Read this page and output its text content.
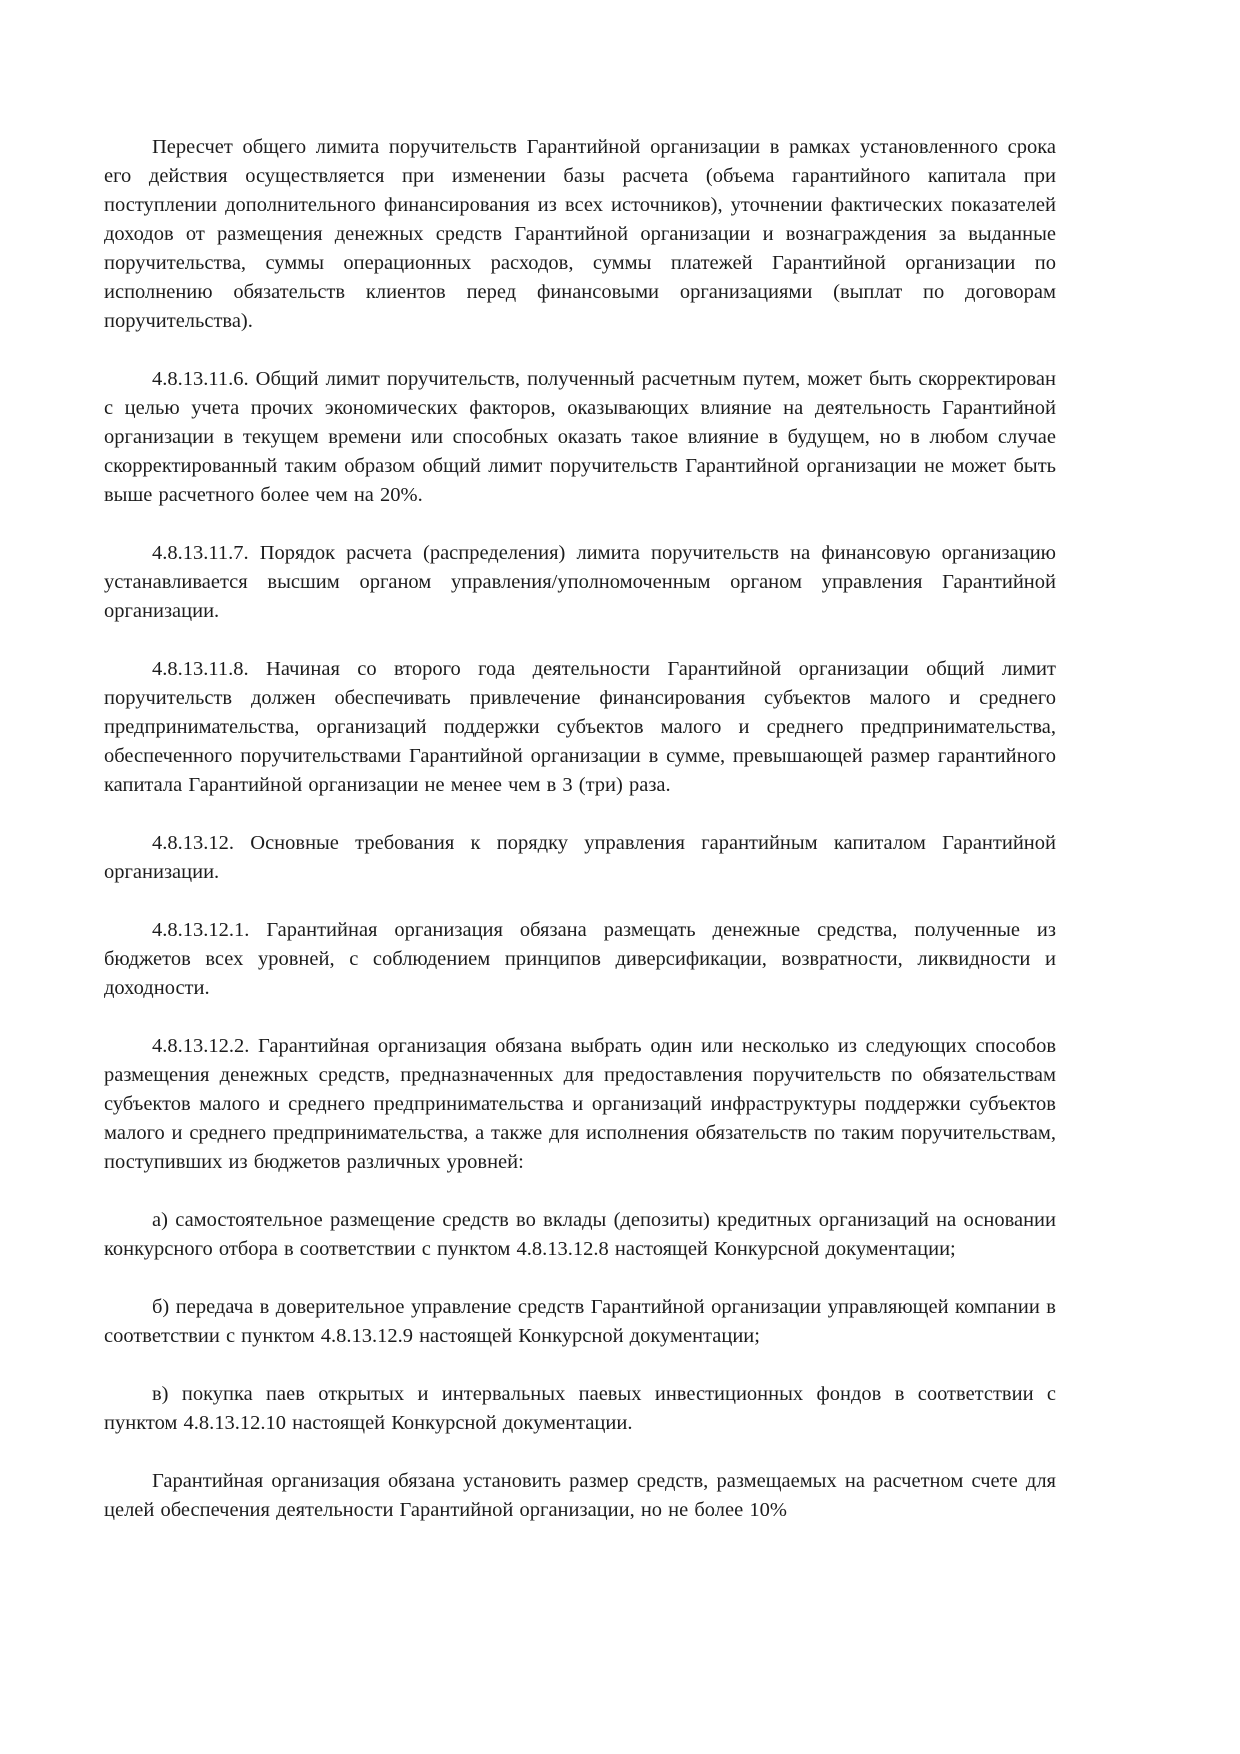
Пересчет общего лимита поручительств Гарантийной организации в рамках установленного срока его действия осуществляется при изменении базы расчета (объема гарантийного капитала при поступлении дополнительного финансирования из всех источников), уточнении фактических показателей доходов от размещения денежных средств Гарантийной организации и вознаграждения за выданные поручительства, суммы операционных расходов, суммы платежей Гарантийной организации по исполнению обязательств клиентов перед финансовыми организациями (выплат по договорам поручительства).

4.8.13.11.6. Общий лимит поручительств, полученный расчетным путем, может быть скорректирован с целью учета прочих экономических факторов, оказывающих влияние на деятельность Гарантийной организации в текущем времени или способных оказать такое влияние в будущем, но в любом случае скорректированный таким образом общий лимит поручительств Гарантийной организации не может быть выше расчетного более чем на 20%.

4.8.13.11.7. Порядок расчета (распределения) лимита поручительств на финансовую организацию устанавливается высшим органом управления/уполномоченным органом управления Гарантийной организации.

4.8.13.11.8. Начиная со второго года деятельности Гарантийной организации общий лимит поручительств должен обеспечивать привлечение финансирования субъектов малого и среднего предпринимательства, организаций поддержки субъектов малого и среднего предпринимательства, обеспеченного поручительствами Гарантийной организации в сумме, превышающей размер гарантийного капитала Гарантийной организации не менее чем в 3 (три) раза.

4.8.13.12. Основные требования к порядку управления гарантийным капиталом Гарантийной организации.

4.8.13.12.1. Гарантийная организация обязана размещать денежные средства, полученные из бюджетов всех уровней, с соблюдением принципов диверсификации, возвратности, ликвидности и доходности.

4.8.13.12.2. Гарантийная организация обязана выбрать один или несколько из следующих способов размещения денежных средств, предназначенных для предоставления поручительств по обязательствам субъектов малого и среднего предпринимательства и организаций инфраструктуры поддержки субъектов малого и среднего предпринимательства, а также для исполнения обязательств по таким поручительствам, поступивших из бюджетов различных уровней:

а) самостоятельное размещение средств во вклады (депозиты) кредитных организаций на основании конкурсного отбора в соответствии с пунктом 4.8.13.12.8 настоящей Конкурсной документации;

б) передача в доверительное управление средств Гарантийной организации управляющей компании в соответствии с пунктом 4.8.13.12.9 настоящей Конкурсной документации;

в) покупка паев открытых и интервальных паевых инвестиционных фондов в соответствии с пунктом 4.8.13.12.10 настоящей Конкурсной документации.

Гарантийная организация обязана установить размер средств, размещаемых на расчетном счете для целей обеспечения деятельности Гарантийной организации, но не более 10%
